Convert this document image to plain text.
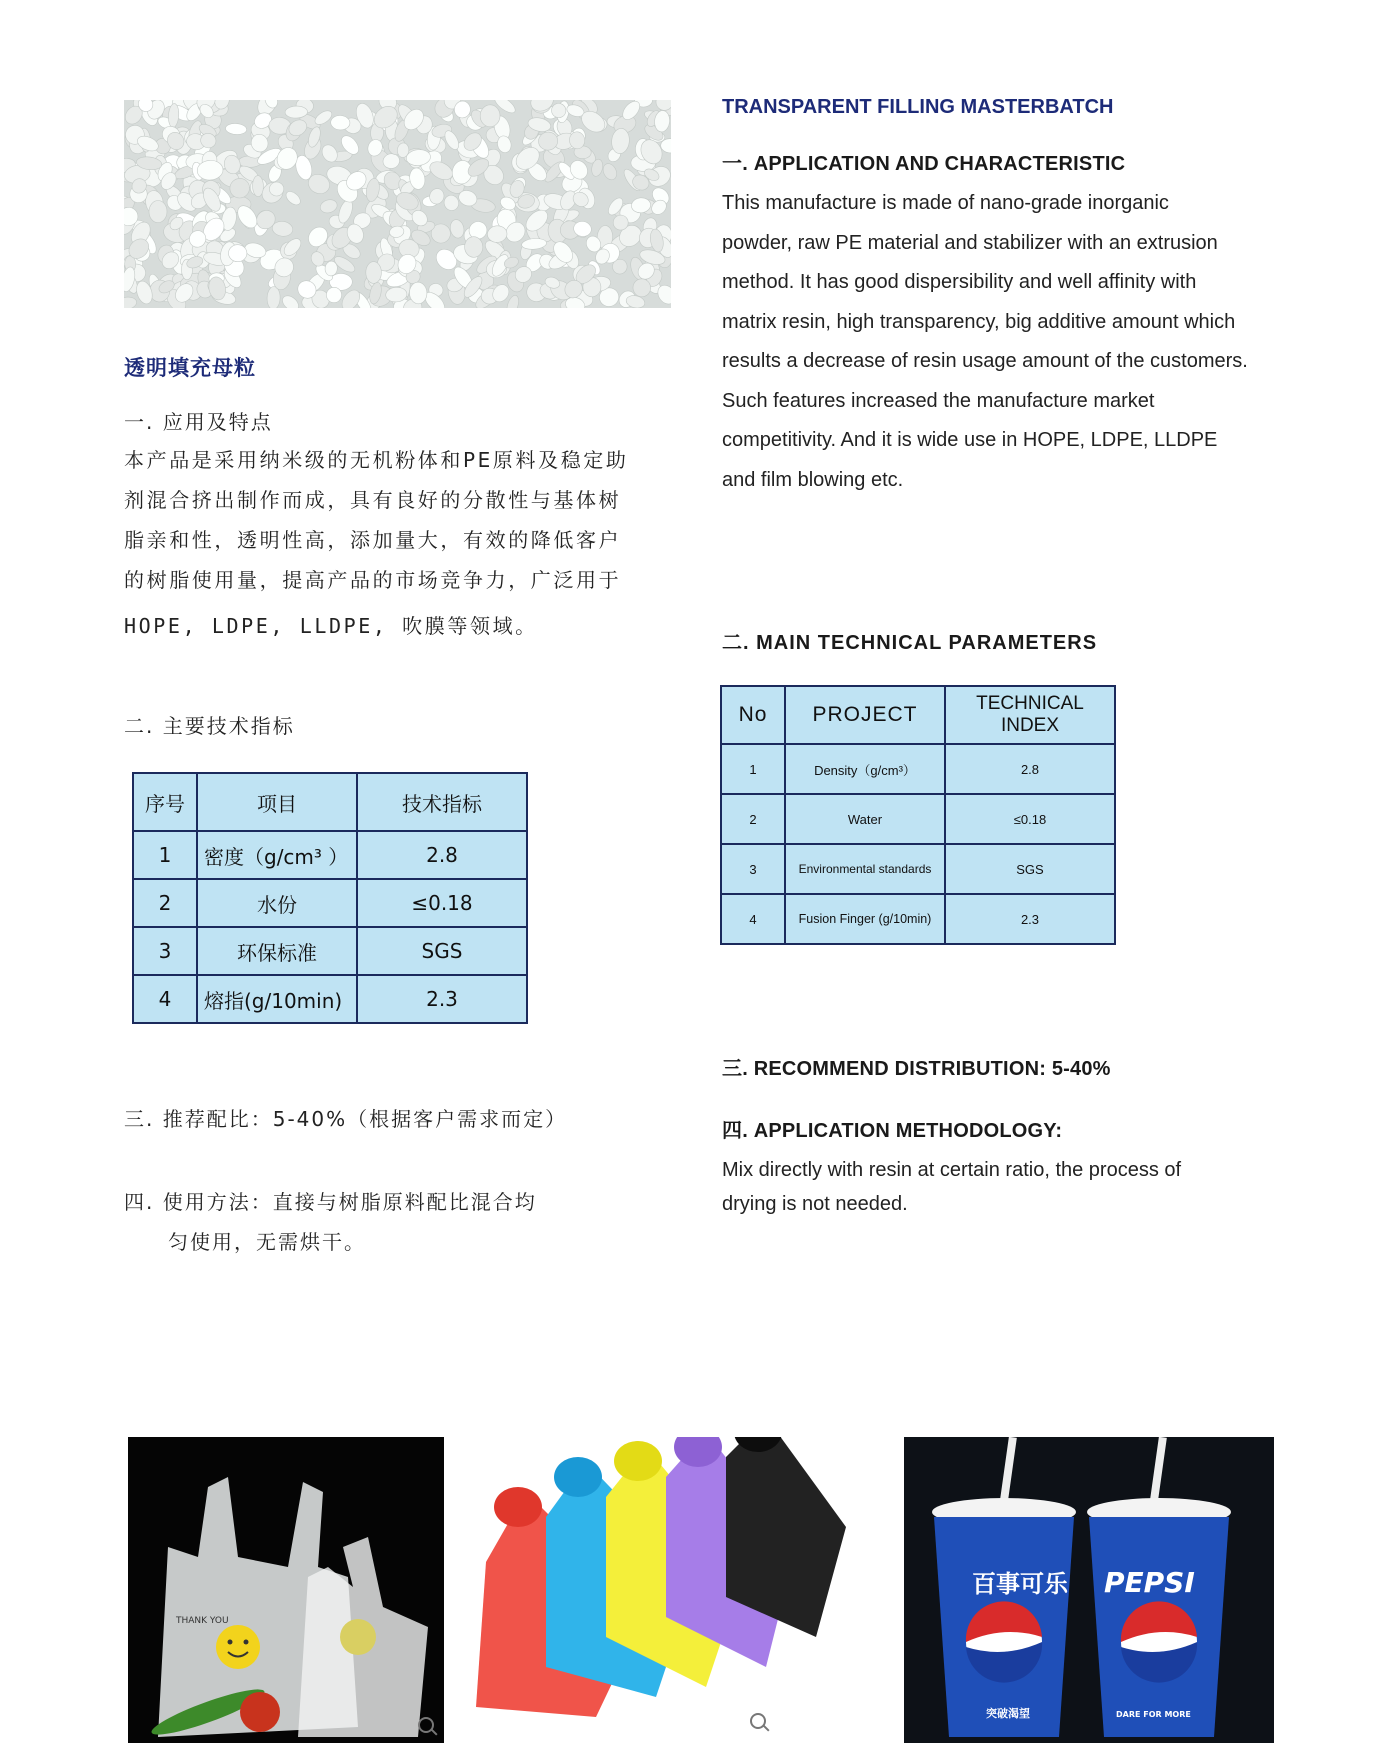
透明填充母粒
一. 应用及特点
本产品是采用纳米级的无机粉体和PE原料及稳定助
剂混合挤出制作而成，具有良好的分散性与基体树
脂亲和性，透明性高，添加量大，有效的降低客户
的树脂使用量，提高产品的市场竞争力，广泛用于
HOPE, LDPE, LLDPE, 吹膜等领域。
二. 主要技术指标
序号	项目	技术指标
1	密度（g/cm³ ）	2.8
2	水份	≤0.18
3	环保标准	SGS
4	熔指(g/10min)	2.3
三. 推荐配比：5-40%（根据客户需求而定）
四. 使用方法：直接与树脂原料配比混合均
匀使用，无需烘干。
TRANSPARENT FILLING MASTERBATCH
一. APPLICATION AND CHARACTERISTIC
This manufacture is made of nano-grade inorganic
powder, raw PE material and stabilizer with an extrusion
method. It has good dispersibility and well affinity with
matrix resin, high transparency, big additive amount which
results a decrease of resin usage amount of the customers.
Such features increased the manufacture market
competitivity. And it is wide use in HOPE, LDPE, LLDPE
and film blowing etc.
二. MAIN TECHNICAL PARAMETERS
No	PROJECT	TECHNICAL INDEX
1	Density（g/cm³）	2.8
2	Water	≤0.18
3	Environmental standards	SGS
4	Fusion Finger (g/10min)	2.3
三. RECOMMEND DISTRIBUTION: 5-40%
四. APPLICATION METHODOLOGY:
Mix directly with resin at certain ratio, the process of
drying is not needed.
THANK YOU
百事可乐 PEPSI
突破渴望	DARE FOR MORE
